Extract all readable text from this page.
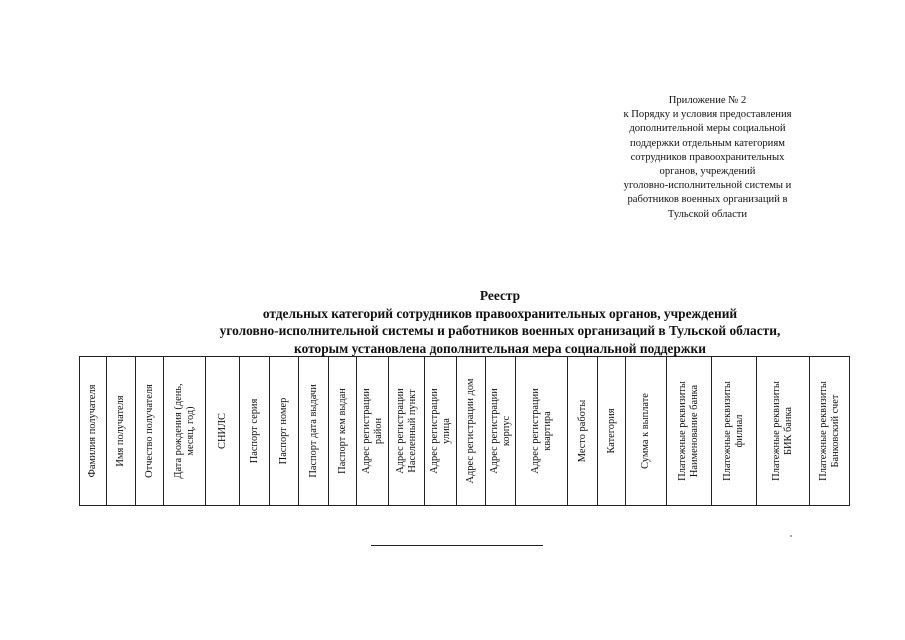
Приложение № 2
к Порядку и условия предоставления
дополнительной меры социальной
поддержки отдельным категориям
сотрудников правоохранительных
органов, учреждений
уголовно-исполнительной системы и
работников военных организаций в
Тульской области
Реестр
отдельных категорий сотрудников правоохранительных органов, учреждений
уголовно-исполнительной системы и работников военных организаций в Тульской области,
которым установлена дополнительная мера социальной поддержки
Фамилия получателя	Имя получателя	Отчество получателя	Дата рождения (день, месяц, год)	СНИЛС	Паспорт серия	Паспорт номер	Паспорт дата выдачи	Паспорт кем выдан	Адрес регистрации район	Адрес регистрации Населенный пункт	Адрес регистрации улица	Адрес регистрации дом	Адрес регистрации корпус	Адрес регистрации квартира	Место работы	Категория	Сумма к выплате	Платежные реквизиты Наименование банка	Платежные реквизиты филиал	Платежные реквизиты БИК банка	Платежные реквизиты Банковский счет
